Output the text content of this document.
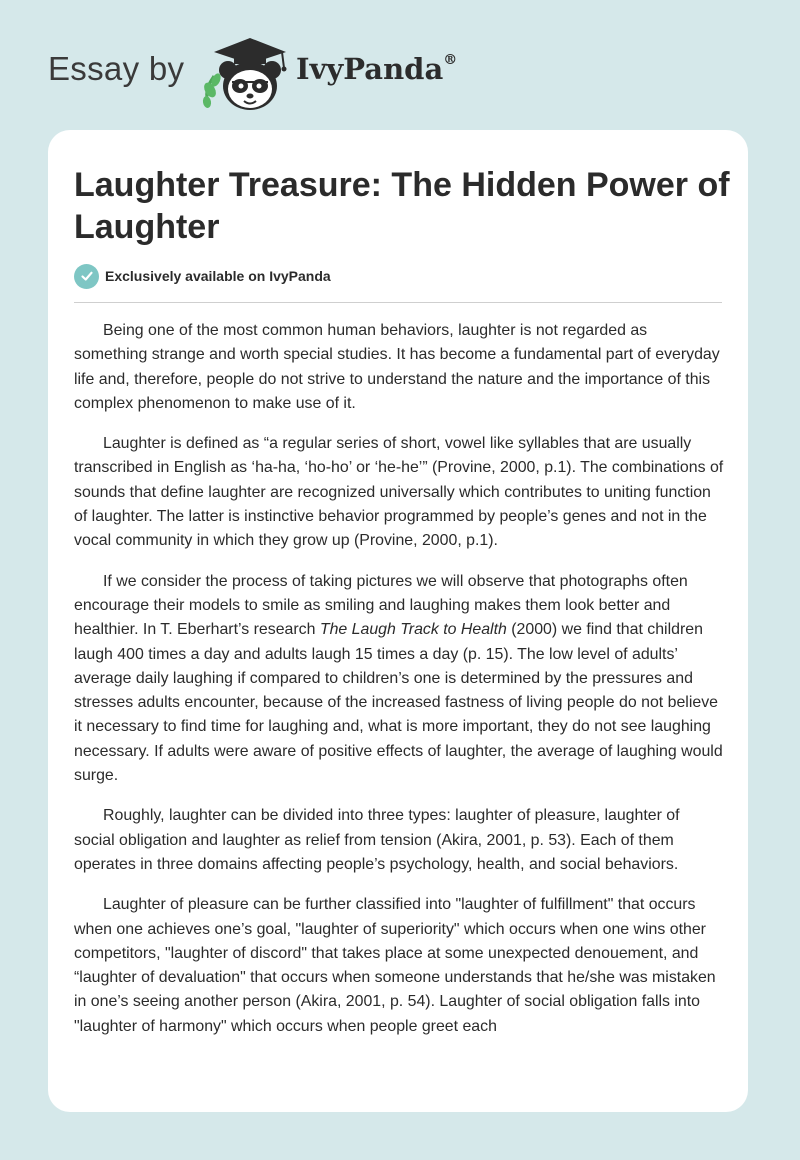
Essay by	IvyPanda®
Laughter Treasure: The Hidden Power of Laughter
Exclusively available on IvyPanda

Being one of the most common human behaviors, laughter is not regarded as something strange and worth special studies. It has become a fundamental part of everyday life and, therefore, people do not strive to understand the nature and the importance of this complex phenomenon to make use of it.

Laughter is defined as “a regular series of short, vowel like syllables that are usually transcribed in English as ‘ha-ha, ‘ho-ho’ or ‘he-he’” (Provine, 2000, p.1). The combinations of sounds that define laughter are recognized universally which contributes to uniting function of laughter. The latter is instinctive behavior programmed by people’s genes and not in the vocal community in which they grow up (Provine, 2000, p.1).

If we consider the process of taking pictures we will observe that photographs often encourage their models to smile as smiling and laughing makes them look better and healthier. In T. Eberhart’s research The Laugh Track to Health (2000) we find that children laugh 400 times a day and adults laugh 15 times a day (p. 15). The low level of adults’ average daily laughing if compared to children’s one is determined by the pressures and stresses adults encounter, because of the increased fastness of living people do not believe it necessary to find time for laughing and, what is more important, they do not see laughing necessary. If adults were aware of positive effects of laughter, the average of laughing would surge.

Roughly, laughter can be divided into three types: laughter of pleasure, laughter of social obligation and laughter as relief from tension (Akira, 2001, p. 53). Each of them operates in three domains affecting people’s psychology, health, and social behaviors.

Laughter of pleasure can be further classified into "laughter of fulfillment" that occurs when one achieves one’s goal, "laughter of superiority" which occurs when one wins other competitors, "laughter of discord" that takes place at some unexpected denouement, and “laughter of devaluation" that occurs when someone understands that he/she was mistaken in one’s seeing another person (Akira, 2001, p. 54). Laughter of social obligation falls into "laughter of harmony" which occurs when people greet each
